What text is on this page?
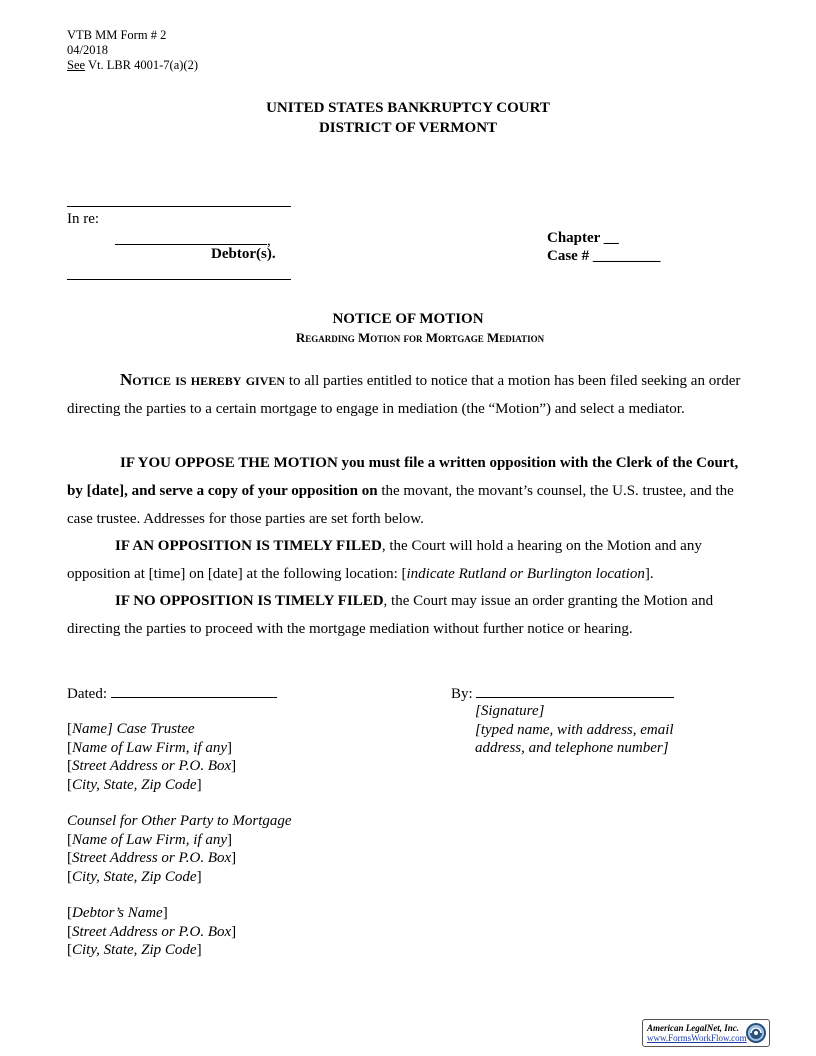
VTB MM Form # 2
04/2018
See Vt. LBR 4001-7(a)(2)
UNITED STATES BANKRUPTCY COURT
DISTRICT OF VERMONT
In re:
,
Debtor(s).
Chapter __
Case # _________
NOTICE OF MOTION
Regarding Motion for Mortgage Mediation
Notice is hereby given to all parties entitled to notice that a motion has been filed seeking an order directing the parties to a certain mortgage to engage in mediation (the “Motion”) and select a mediator.
IF YOU OPPOSE THE MOTION you must file a written opposition with the Clerk of the Court, by [date], and serve a copy of your opposition on the movant, the movant’s counsel, the U.S. trustee, and the case trustee. Addresses for those parties are set forth below.
IF AN OPPOSITION IS TIMELY FILED, the Court will hold a hearing on the Motion and any opposition at [time] on [date] at the following location: [indicate Rutland or Burlington location].
IF NO OPPOSITION IS TIMELY FILED, the Court may issue an order granting the Motion and directing the parties to proceed with the mortgage mediation without further notice or hearing.
Dated:	By:
[Signature]
[typed name, with address, email
address, and telephone number]
[Name] Case Trustee
[Name of Law Firm, if any]
[Street Address or P.O. Box]
[City, State, Zip Code]
Counsel for Other Party to Mortgage
[Name of Law Firm, if any]
[Street Address or P.O. Box]
[City, State, Zip Code]
[Debtor’s Name]
[Street Address or P.O. Box]
[City, State, Zip Code]
American LegalNet, Inc.
www.FormsWorkFlow.com
